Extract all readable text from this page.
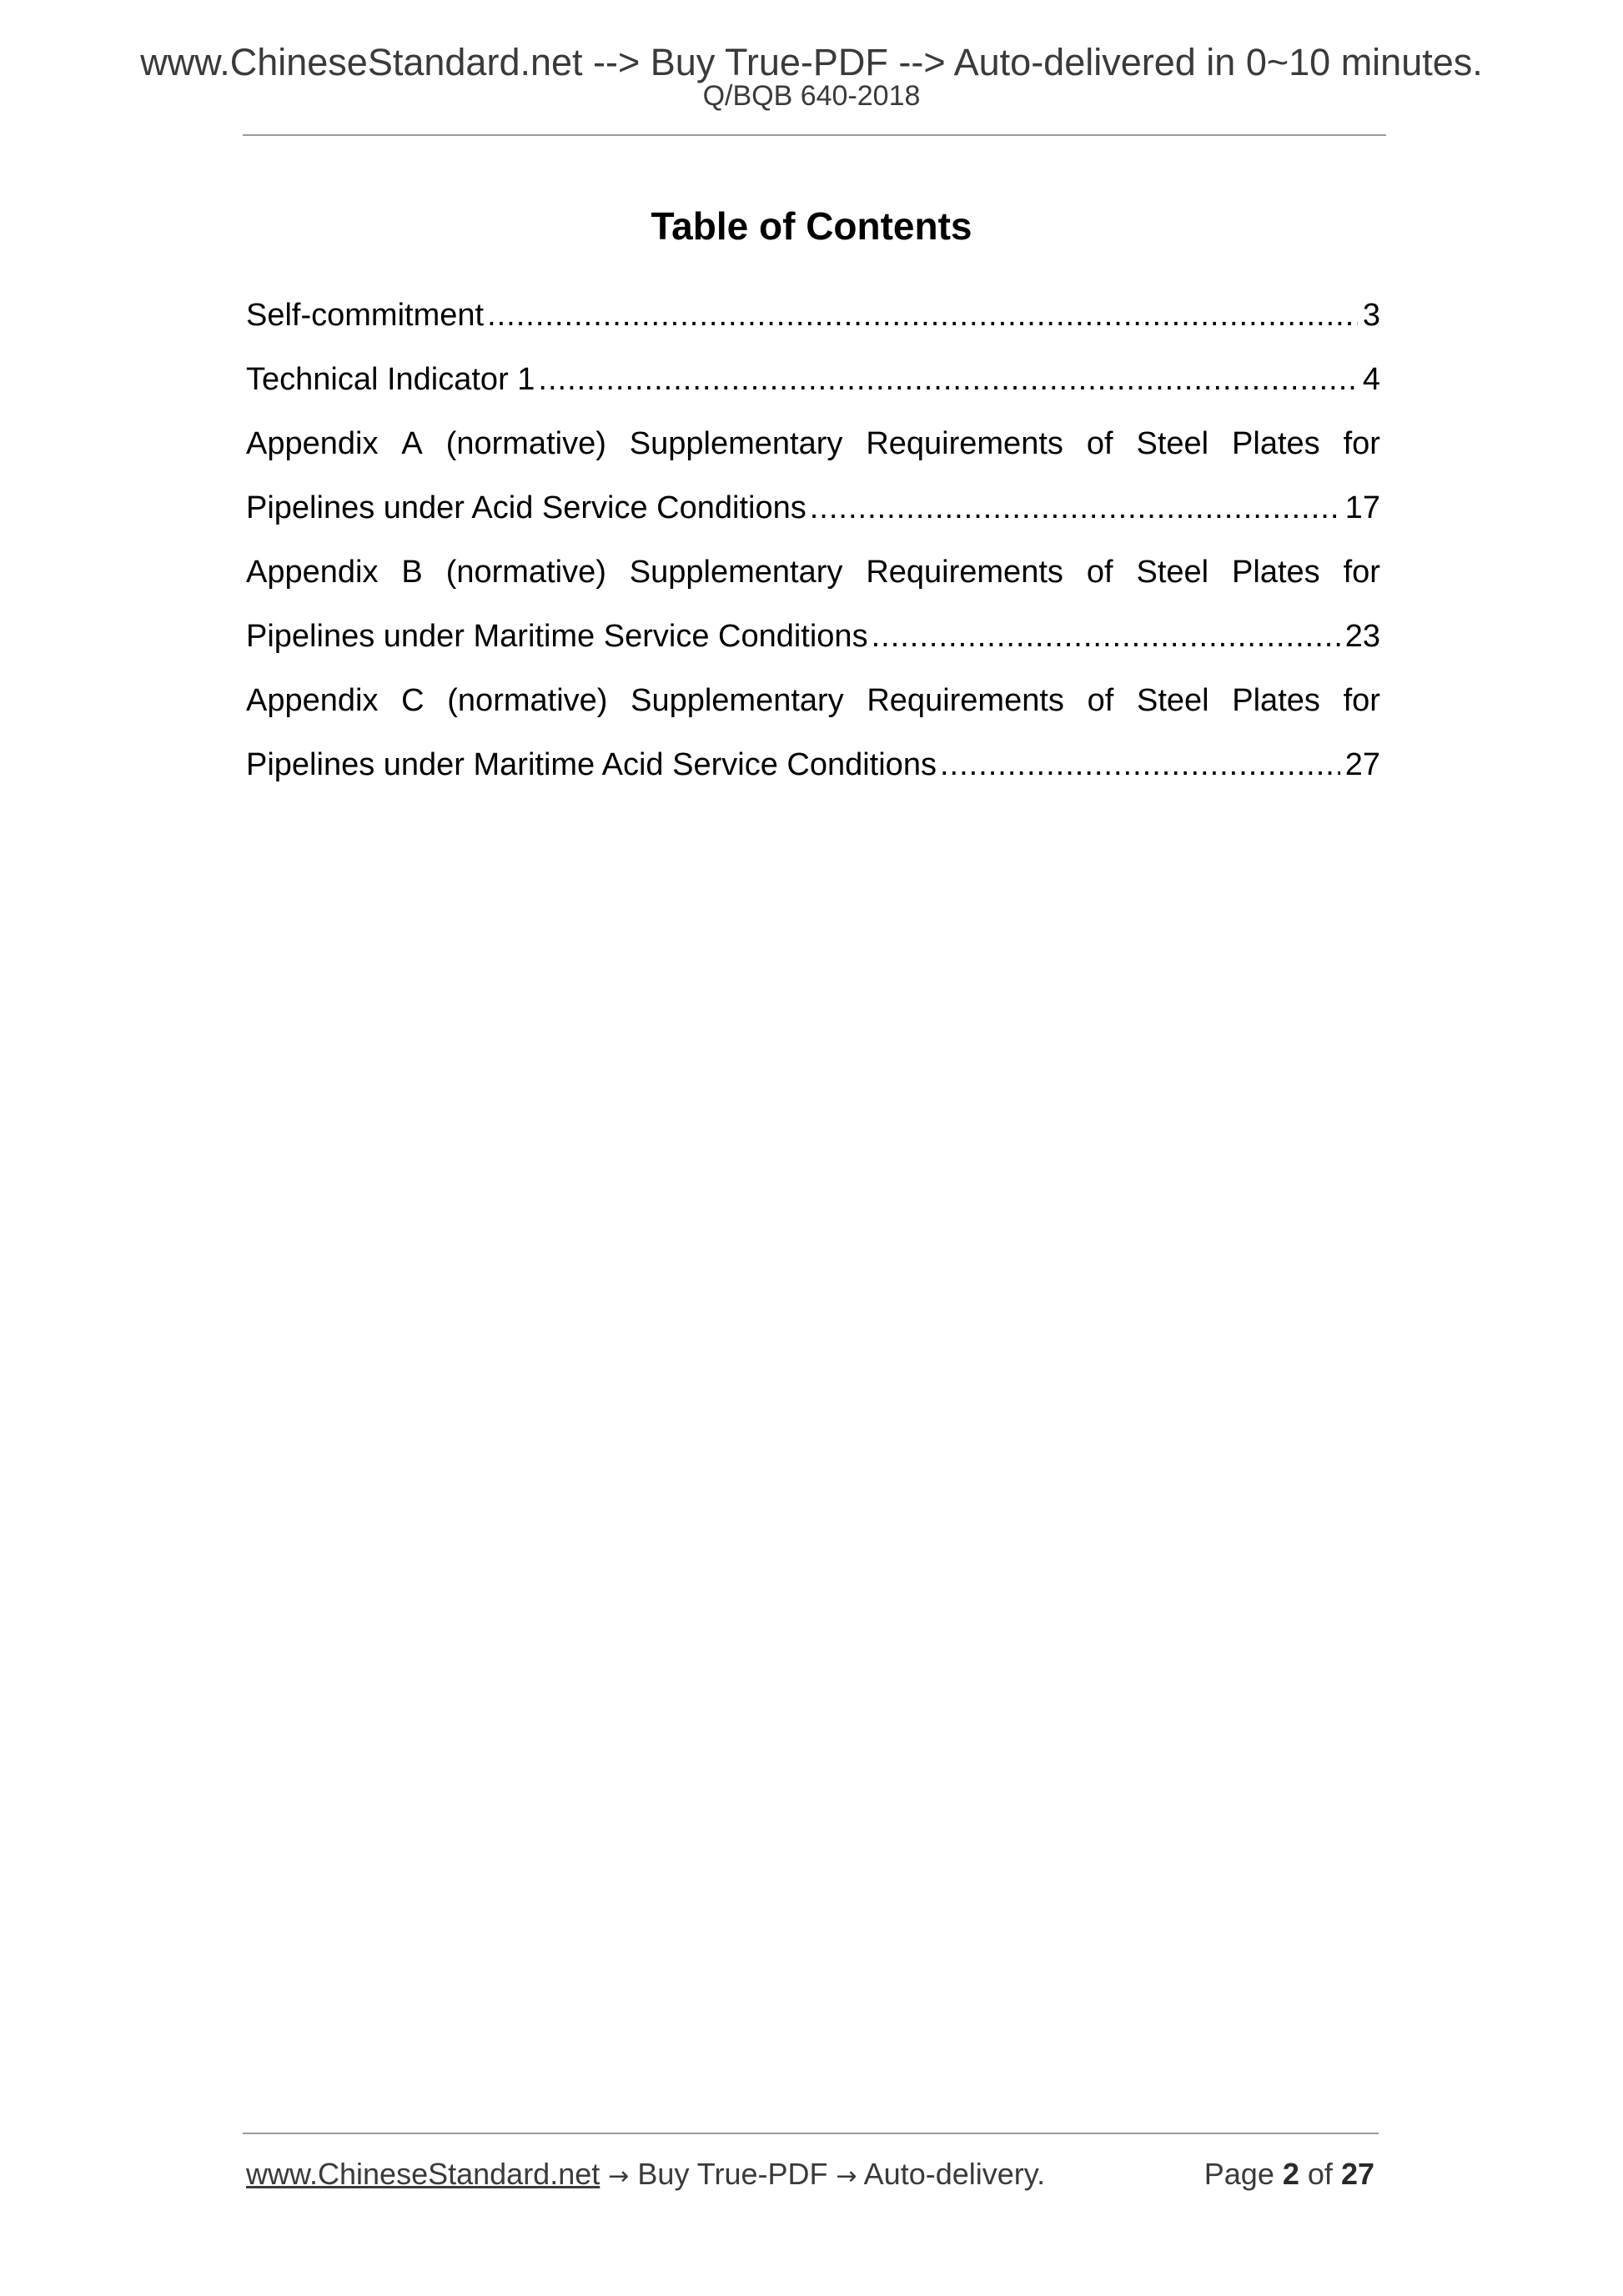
www.ChineseStandard.net --> Buy True-PDF --> Auto-delivered in 0~10 minutes.
Q/BQB 640-2018
Table of Contents
Self-commitment .....	3
Technical Indicator 1 .....	4
Appendix A (normative) Supplementary Requirements of Steel Plates for
Pipelines under Acid Service Conditions .....	17
Appendix B (normative) Supplementary Requirements of Steel Plates for
Pipelines under Maritime Service Conditions .....	23
Appendix C (normative) Supplementary Requirements of Steel Plates for
Pipelines under Maritime Acid Service Conditions .....	27
www.ChineseStandard.net → Buy True-PDF → Auto-delivery.	Page 2 of 27
